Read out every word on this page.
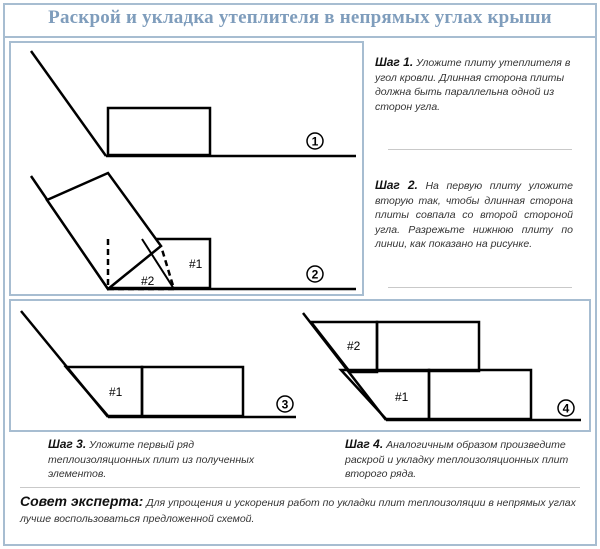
Раскрой и укладка утеплителя в непрямых углах крыши
1
#1
#2	2
Шаг 1. Уложите плиту утеплителя в угол кровли. Длинная сторона плиты должна быть параллельна одной из сторон угла.
Шаг 2. На первую плиту уложите вторую так, чтобы длинная сторона плиты совпала со второй стороной угла. Разрежьте нижнюю плиту по линии, как показано на рисунке.
#1
3
#1
#2
4
Шаг 3. Уложите первый ряд теплоизоляционных плит из полученных элементов.
Шаг 4. Аналогичным образом произведите раскрой и укладку теплоизоляционных плит второго ряда.
Совет эксперта: Для упрощения и ускорения работ по укладки плит теплоизоляции в непрямых углах лучше воспользоваться предложенной схемой.
